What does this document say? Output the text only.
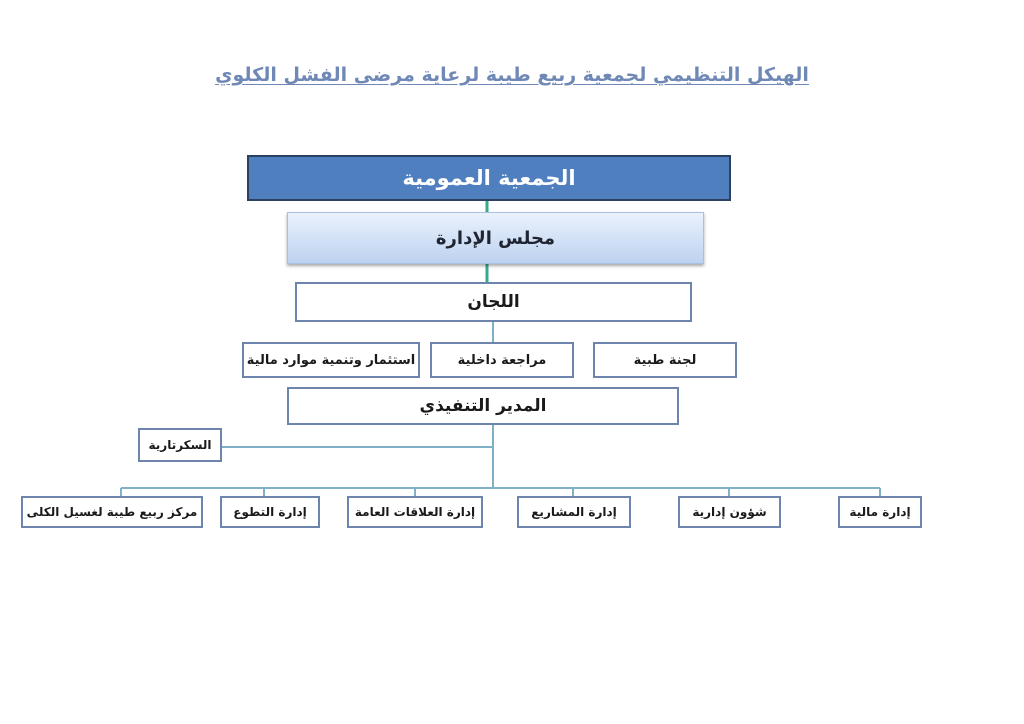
الهيكل التنظيمي لجمعية ربيع طيبة لرعاية مرضى الفشل الكلوي
الجمعية العمومية
مجلس الإدارة
اللجان
لجنة طبية
مراجعة داخلية
استثمار وتنمية موارد مالية
المدير التنفيذي
السكرتارية
إدارة مالية
شؤون إدارية
إدارة المشاريع
إدارة العلاقات العامة
إدارة التطوع
مركز ربيع طيبة لغسيل الكلى
